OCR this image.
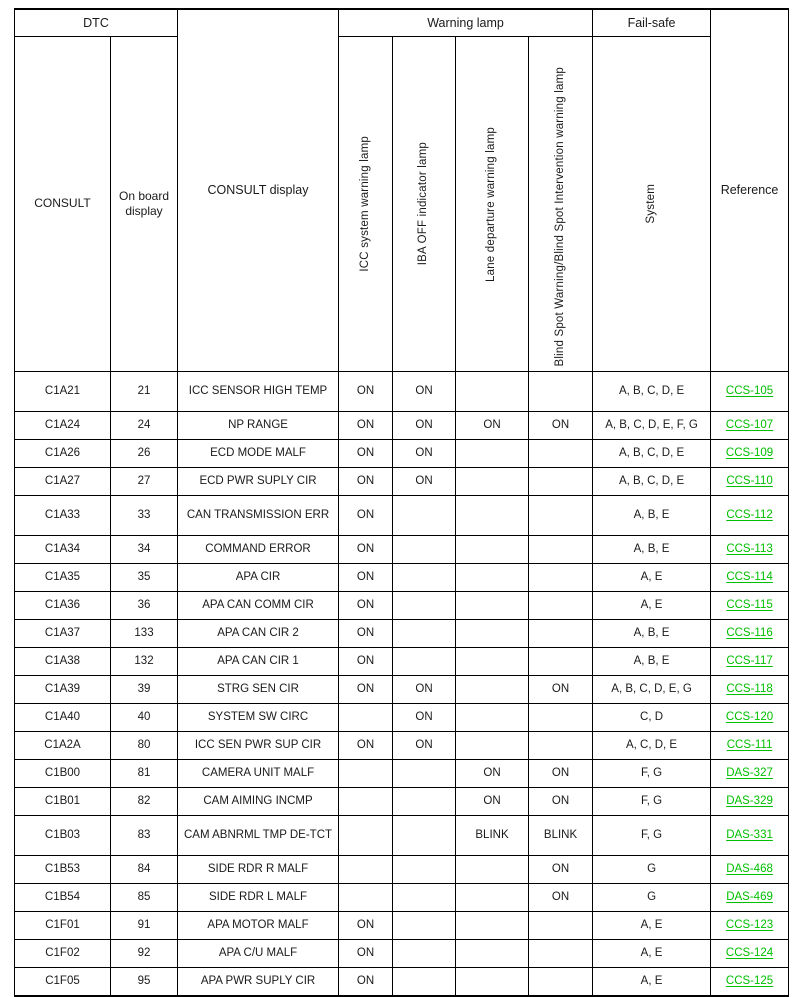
DTC		CONSULT display	Warning lamp				Fail-safe	Reference

CONSULT	On board
display		ICC system warning lamp	IBA OFF indicator lamp	Lane departure warning lamp	Blind Spot Warning/Blind Spot Intervention warning lamp	System	

C1A21	21	ICC SENSOR HIGH TEMP	ON	ON			A, B, C, D, E	CCS-105
C1A24	24	NP RANGE	ON	ON	ON	ON	A, B, C, D, E, F, G	CCS-107
C1A26	26	ECD MODE MALF	ON	ON			A, B, C, D, E	CCS-109
C1A27	27	ECD PWR SUPLY CIR	ON	ON			A, B, C, D, E	CCS-110
C1A33	33	CAN TRANSMISSION ERR	ON				A, B, E	CCS-112
C1A34	34	COMMAND ERROR	ON				A, B, E	CCS-113
C1A35	35	APA CIR	ON				A, E	CCS-114
C1A36	36	APA CAN COMM CIR	ON				A, E	CCS-115
C1A37	133	APA CAN CIR 2	ON				A, B, E	CCS-116
C1A38	132	APA CAN CIR 1	ON				A, B, E	CCS-117
C1A39	39	STRG SEN CIR	ON	ON		ON	A, B, C, D, E, G	CCS-118
C1A40	40	SYSTEM SW CIRC		ON			C, D	CCS-120
C1A2A	80	ICC SEN PWR SUP CIR	ON	ON			A, C, D, E	CCS-111
C1B00	81	CAMERA UNIT MALF			ON	ON	F, G	DAS-327
C1B01	82	CAM AIMING INCMP			ON	ON	F, G	DAS-329
C1B03	83	CAM ABNRML TMP DE-TCT			BLINK	BLINK	F, G	DAS-331
C1B53	84	SIDE RDR R MALF				ON	G	DAS-468
C1B54	85	SIDE RDR L MALF				ON	G	DAS-469
C1F01	91	APA MOTOR MALF	ON				A, E	CCS-123
C1F02	92	APA C/U MALF	ON				A, E	CCS-124
C1F05	95	APA PWR SUPLY CIR	ON				A, E	CCS-125
